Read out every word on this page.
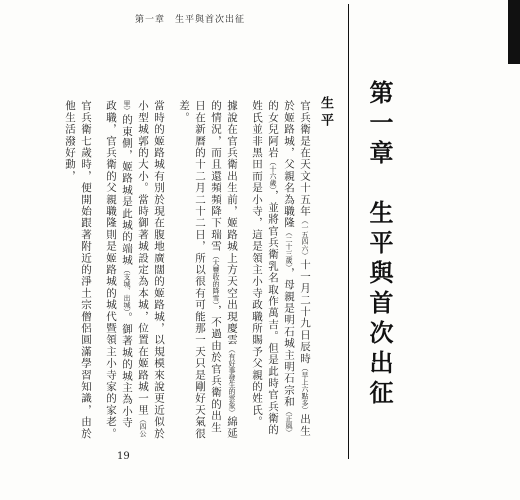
第一章　生平與首次出征
第一章　生平與首次出征
生平

官兵衛是在天文十五年（一五四六）十一月二十九日辰時（早上六點多）出生於姬路城，父親名為職隆（二十三歲），母親是明石城主明石宗和（正風）的女兒阿岩（十六歲），並將官兵衛乳名取作萬吉。但是此時官兵衛的姓氏並非黑田而是小寺，這是領主小寺政職所賜予父親的姓氏。

據說在官兵衛出生前，姬路城上方天空出現慶雲（有好事發生的雲象）綿延的情況，而且還頻頻降下瑞雪（大豐收的降雪），不過由於官兵衛的出生日在新曆的十二月二十二日，所以很有可能那一天只是剛好天氣很差。

當時的姬路城有別於現在腹地廣闊的姬路城，以規模來說更近似於小型城郭的大小。當時御著城設定為本城，位置在姬路城一里（四公里）的東側，姬路城是此城的端城（支城、出城）。御著城的城主為小寺政職，官兵衛的父親職隆則是姬路城的城代暨領主小寺家的家老。

官兵衛七歲時，便開始跟著附近的淨土宗僧侶圓滿學習知識，由於他生活潑好動，

19
